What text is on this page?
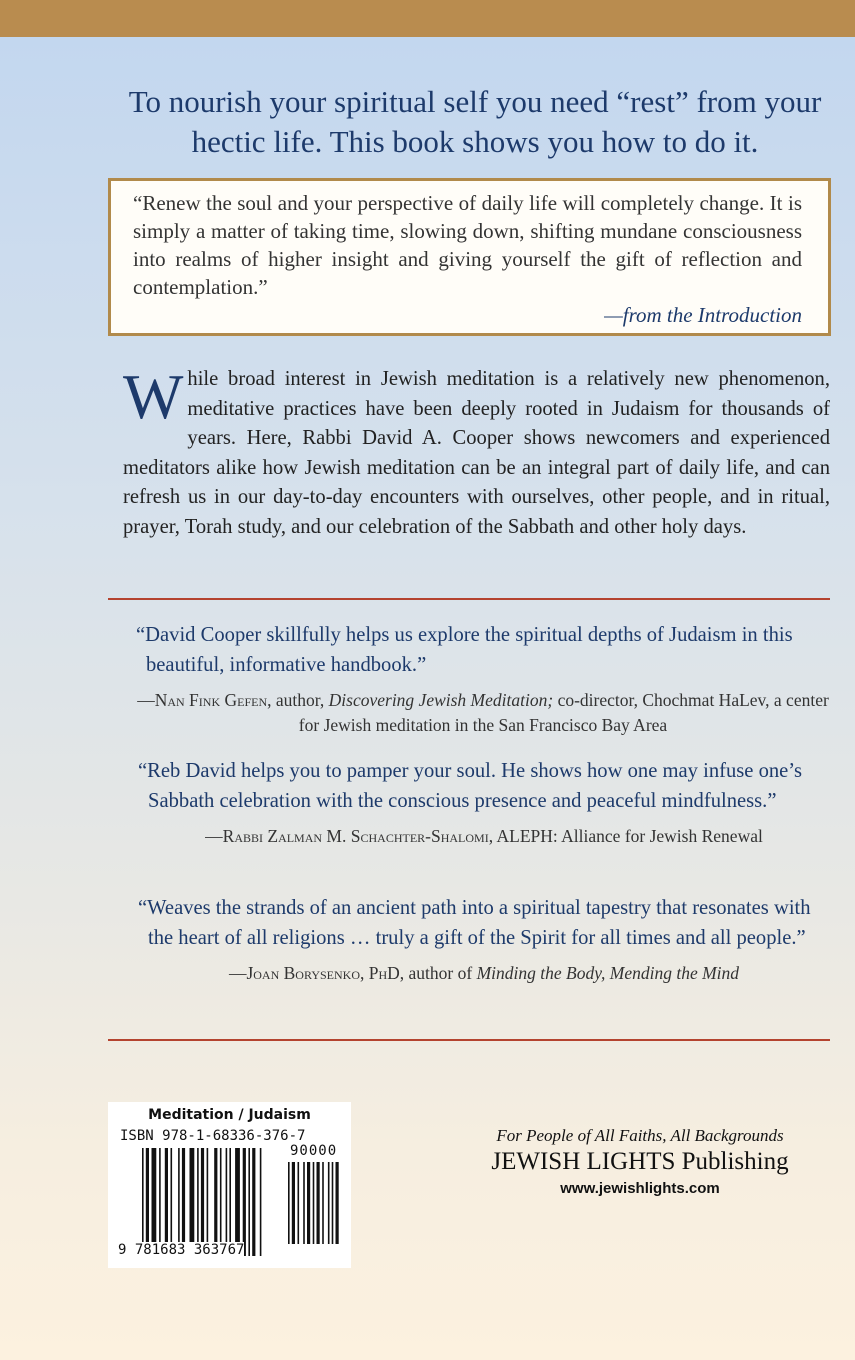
To nourish your spiritual self you need “rest” from your hectic life. This book shows you how to do it.
“Renew the soul and your perspective of daily life will completely change. It is simply a matter of taking time, slowing down, shifting mundane consciousness into realms of higher insight and giving yourself the gift of reflection and contemplation.”
—from the Introduction
While broad interest in Jewish meditation is a relatively new phenomenon, meditative practices have been deeply rooted in Judaism for thousands of years. Here, Rabbi David A. Cooper shows newcomers and experienced meditators alike how Jewish meditation can be an integral part of daily life, and can refresh us in our day-to-day encounters with ourselves, other people, and in ritual, prayer, Torah study, and our celebration of the Sabbath and other holy days.
“David Cooper skillfully helps us explore the spiritual depths of Judaism in this beautiful, informative handbook.”
—Nan Fink Gefen, author, Discovering Jewish Meditation; co-director, Chochmat HaLev, a center for Jewish meditation in the San Francisco Bay Area
“Reb David helps you to pamper your soul. He shows how one may infuse one’s Sabbath celebration with the conscious presence and peaceful mindfulness.”
—Rabbi Zalman M. Schachter-Shalomi, ALEPH: Alliance for Jewish Renewal
“Weaves the strands of an ancient path into a spiritual tapestry that resonates with the heart of all religions … truly a gift of the Spirit for all times and all people.”
—Joan Borysenko, PhD, author of Minding the Body, Mending the Mind
Meditation / Judaism
ISBN 978-1-68336-376-7
90000
9 781683 363767
For People of All Faiths, All Backgrounds
JEWISH LIGHTS Publishing
www.jewishlights.com
